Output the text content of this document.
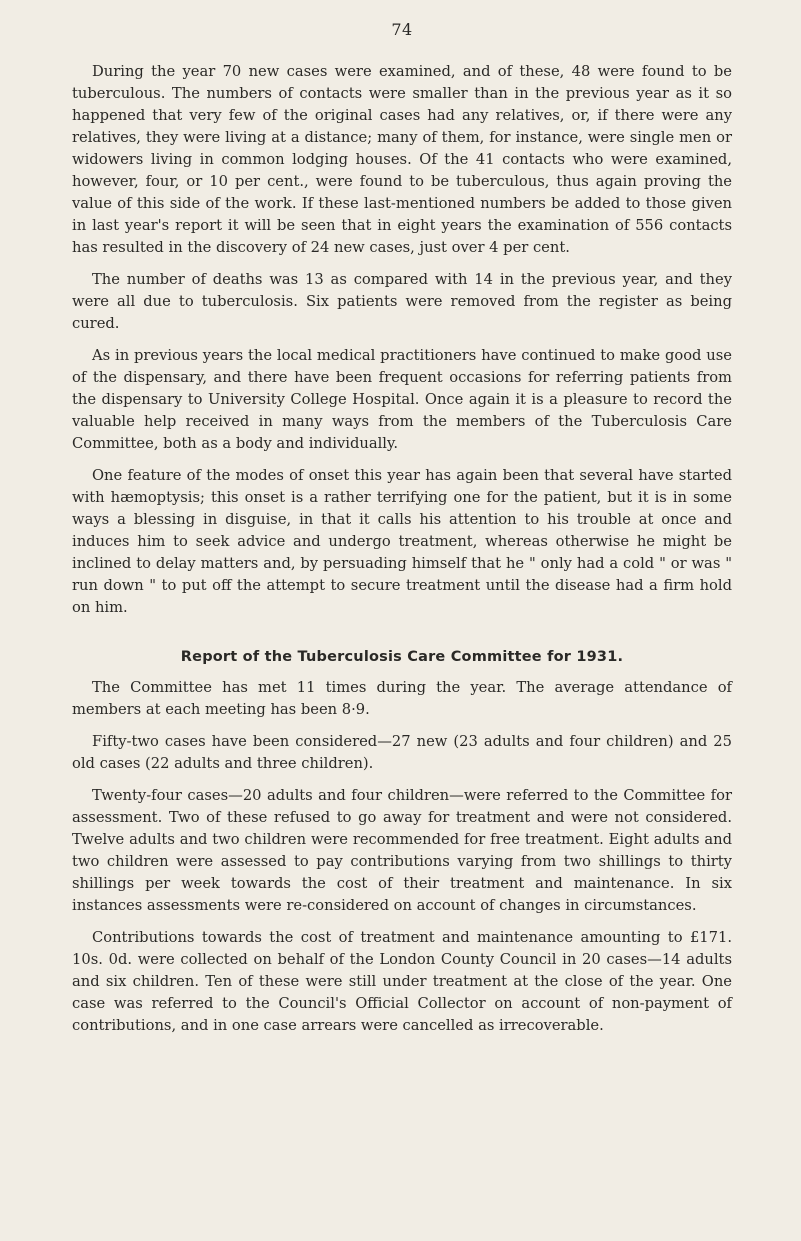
74

During the year 70 new cases were examined, and of these, 48 were found to be tuberculous. The numbers of contacts were smaller than in the previous year as it so happened that very few of the original cases had any relatives, or, if there were any relatives, they were living at a distance; many of them, for instance, were single men or widowers living in common lodging houses. Of the 41 contacts who were examined, however, four, or 10 per cent., were found to be tuberculous, thus again proving the value of this side of the work. If these last-mentioned numbers be added to those given in last year's report it will be seen that in eight years the examination of 556 contacts has resulted in the discovery of 24 new cases, just over 4 per cent.

The number of deaths was 13 as compared with 14 in the previous year, and they were all due to tuberculosis. Six patients were removed from the register as being cured.

As in previous years the local medical practitioners have continued to make good use of the dispensary, and there have been frequent occasions for referring patients from the dispensary to University College Hospital. Once again it is a pleasure to record the valuable help received in many ways from the members of the Tuberculosis Care Committee, both as a body and individually.

One feature of the modes of onset this year has again been that several have started with hæmoptysis; this onset is a rather terrifying one for the patient, but it is in some ways a blessing in disguise, in that it calls his attention to his trouble at once and induces him to seek advice and undergo treatment, whereas otherwise he might be inclined to delay matters and, by persuading himself that he " only had a cold " or was " run down " to put off the attempt to secure treatment until the disease had a firm hold on him.

Report of the Tuberculosis Care Committee for 1931.

The Committee has met 11 times during the year. The average attendance of members at each meeting has been 8·9.

Fifty-two cases have been considered—27 new (23 adults and four children) and 25 old cases (22 adults and three children).

Twenty-four cases—20 adults and four children—were referred to the Committee for assessment. Two of these refused to go away for treatment and were not considered. Twelve adults and two children were recommended for free treatment. Eight adults and two children were assessed to pay contributions varying from two shillings to thirty shillings per week towards the cost of their treatment and maintenance. In six instances assessments were re-considered on account of changes in circumstances.

Contributions towards the cost of treatment and maintenance amounting to £171. 10s. 0d. were collected on behalf of the London County Council in 20 cases—14 adults and six children. Ten of these were still under treatment at the close of the year. One case was referred to the Council's Official Collector on account of non-payment of contributions, and in one case arrears were cancelled as irrecoverable.
